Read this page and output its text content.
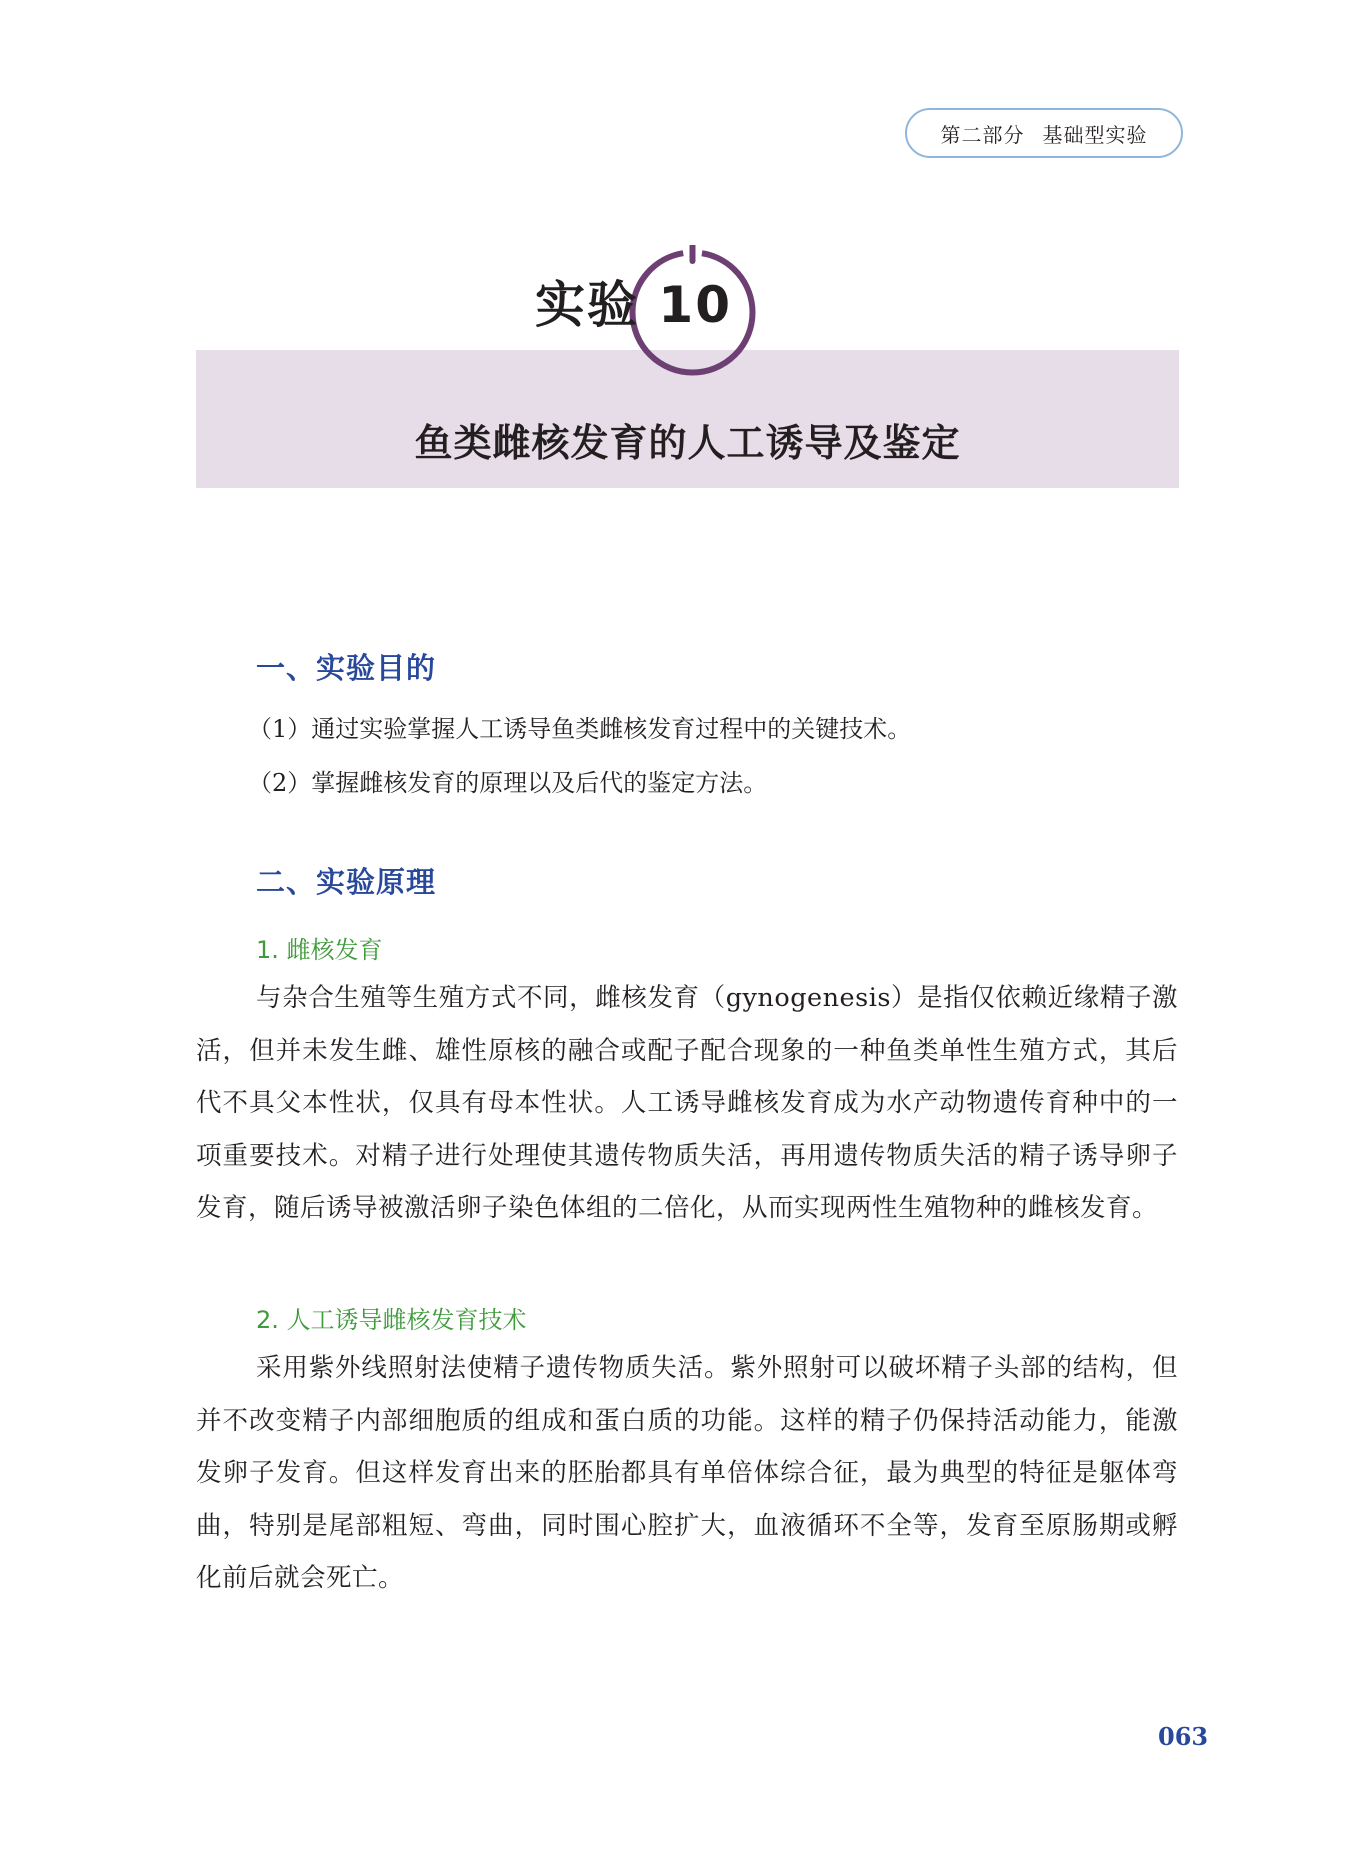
第二部分 基础型实验
实验 10
鱼类雌核发育的人工诱导及鉴定
一、实验目的
（1）通过实验掌握人工诱导鱼类雌核发育过程中的关键技术。
（2）掌握雌核发育的原理以及后代的鉴定方法。
二、实验原理
1. 雌核发育

与杂合生殖等生殖方式不同，雌核发育（gynogenesis）是指仅依赖近缘精子激活，但并未发生雌、雄性原核的融合或配子配合现象的一种鱼类单性生殖方式，其后代不具父本性状，仅具有母本性状。人工诱导雌核发育成为水产动物遗传育种中的一项重要技术。对精子进行处理使其遗传物质失活，再用遗传物质失活的精子诱导卵子发育，随后诱导被激活卵子染色体组的二倍化，从而实现两性生殖物种的雌核发育。

2. 人工诱导雌核发育技术

采用紫外线照射法使精子遗传物质失活。紫外照射可以破坏精子头部的结构，但并不改变精子内部细胞质的组成和蛋白质的功能。这样的精子仍保持活动能力，能激发卵子发育。但这样发育出来的胚胎都具有单倍体综合征，最为典型的特征是躯体弯曲，特别是尾部粗短、弯曲，同时围心腔扩大，血液循环不全等，发育至原肠期或孵化前后就会死亡。

063
